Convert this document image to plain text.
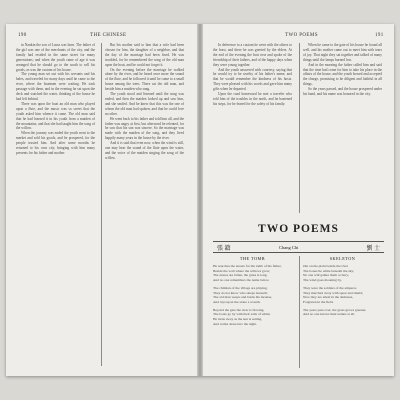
190	THE CHINESE

in Nankin the son of Lassa was born. The father of the girl was one of the merchants of the city, and the family had resided in the same street for many generations; and when the youth came of age it was arranged that he should go to the south to sell his goods, as was the custom of his house.

The young man set out with his servants and his bales, and traveled for many days until he came to the river, where the boatmen were waiting. He took passage with them, and in the evening he sat upon the deck and watched the water, thinking of the house he had left behind.

There was upon the boat an old man who played upon a flute, and the music was so sweet that the youth asked him whence it came. The old man said that he had learned it in his youth from a maiden of the mountains, and that she had taught him the song of the willow.

When the journey was ended the youth went to the market and sold his goods, and he prospered, for the people trusted him. And after some months he returned to his own city, bringing with him many presents for his father and mother.

But his mother said to him that a wife had been chosen for him, the daughter of a neighbor, and that the day of the marriage had been fixed. He was troubled, for he remembered the song of the old man upon the boat, and he could not forget it.

On the evening before the marriage he walked alone by the river, and he heard once more the sound of the flute, and he followed it until he came to a small house among the trees. There sat the old man, and beside him a maiden who sang.

The youth stood and listened until the song was ended, and then the maiden looked up and saw him, and she smiled. And he knew that this was the one of whom the old man had spoken, and that he could love no other.

He went back to his father and told him all, and the father was angry at first, but afterward he relented, for he saw that his son was sincere. So the marriage was made with the maiden of the song, and they lived happily many years in the house by the river.

And it is said that even now, when the wind is still, one may hear the sound of the flute upon the water, and the voice of the maiden singing the song of the willow.

TWO POEMS	191

In deference to a custom he went with the others to the feast, and there he was greeted by the elders. At the end of the evening the host rose and spoke of the friendship of their fathers, and of the happy days when they were young together.

And the youth answered with courtesy, saying that he would try to be worthy of his father's name, and that he would remember the kindness of his hosts. They were pleased with his words and gave him many gifts when he departed.

Upon the road homeward he met a traveler who told him of the troubles in the north, and he hastened his steps, for he feared for the safety of his family.

When he came to the gate of his house he found all well, and his mother came out to meet him with tears of joy. That night they sat together and talked of many things until the lamps burned low.

And in the morning the father called him and said that the time had come for him to take his place in the affairs of the house, and the youth bowed and accepted the charge, promising to be diligent and faithful in all things.

So the years passed, and the house prospered under his hand, and his name was honored in the city.

TWO POEMS
張 籍	Chang Chi	劉 士
THE TOMB	SKELETON
He searches the streets for the tomb of his father,
Beside the wall where the willows grow;
The stones are fallen, the grass is long,
And no one remembers the name below.
The children of the village are playing,
They do not know who sleeps beneath;
The old man weeps and burns his incense,
And lays upon the stone a wreath.
Beyond the gate the river is flowing,
The boats go by with their sails of white;
He turns away as the sun is setting,
And walks alone into the night.
Out on the plain beside the river
The bones lie white beneath the sky;
No one will gather them or bury,
The wind goes moaning by.
They were the soldiers of the emperor,
They marched away with spear and shield;
Now they are silent in the darkness,
Forgotten in the field.
The years pass over, the grass grows greener,
And no one knows their names at all.
